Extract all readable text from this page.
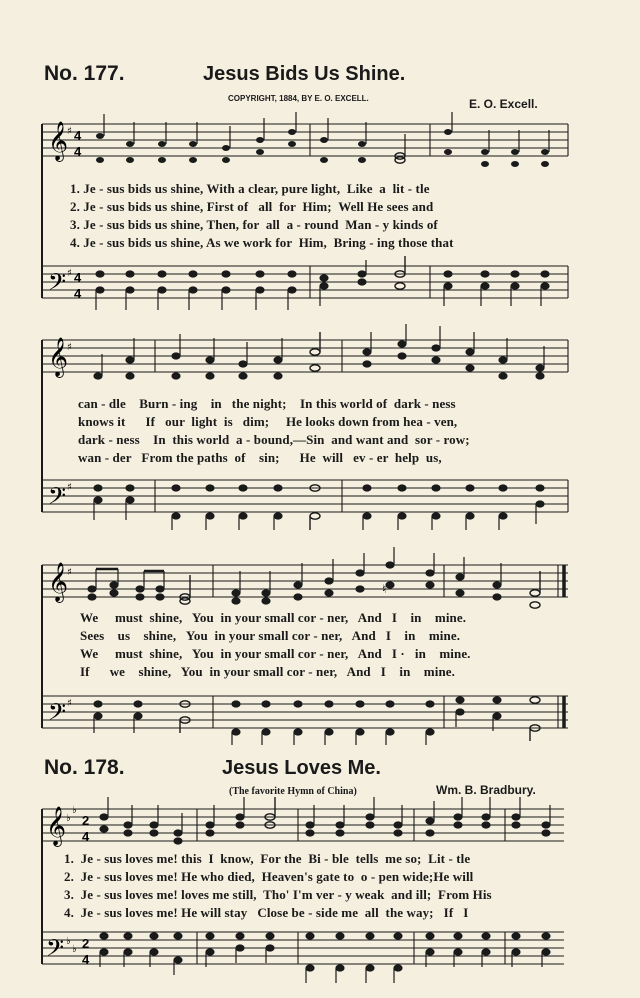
No. 177.	Jesus Bids Us Shine.
COPYRIGHT, 1884, BY E. O. EXCELL.	E. O. Excell.
𝄞
𝄢
♯
♯
4
4
4
4
1. Je - sus bids us shine, With a clear, pure light,  Like  a  lit - tle
2. Je - sus bids us shine, First of   all  for  Him;  Well He sees and
3. Je - sus bids us shine, Then, for  all  a - round  Man - y kinds of
4. Je - sus bids us shine, As we work for  Him,  Bring - ing those that
𝄞
𝄢
♯
♯
can - dle    Burn - ing    in   the night;    In this world of  dark - ness
knows it      If   our  light  is   dim;     He looks down from hea - ven,
dark - ness    In  this world  a - bound,—Sin  and want and  sor - row;
wan - der   From the paths  of    sin;      He  will   ev - er  help  us,
𝄞
𝄢
♯
♯
♮
We     must  shine,   You  in your small cor - ner,   And   I    in    mine.
Sees    us    shine,   You  in your small cor - ner,   And   I    in    mine.
We     must  shine,   You  in your small cor - ner,   And   I ·   in    mine.
If      we    shine,   You  in your small cor - ner,   And   I    in    mine.
No. 178.	Jesus Loves Me.
(The favorite Hymn of China)	Wm. B. Bradbury.
𝄞
𝄢
♭
♭
♭
♭
2
4
2
4
1.  Je - sus loves me! this  I  know,  For the  Bi - ble  tells  me so;  Lit - tle
2.  Je - sus loves me! He who died,  Heaven's gate to  o - pen wide;He will
3.  Je - sus loves me! loves me still,  Tho' I'm ver - y weak  and ill;  From His
4.  Je - sus loves me! He will stay   Close be - side me  all  the way;   If   I
